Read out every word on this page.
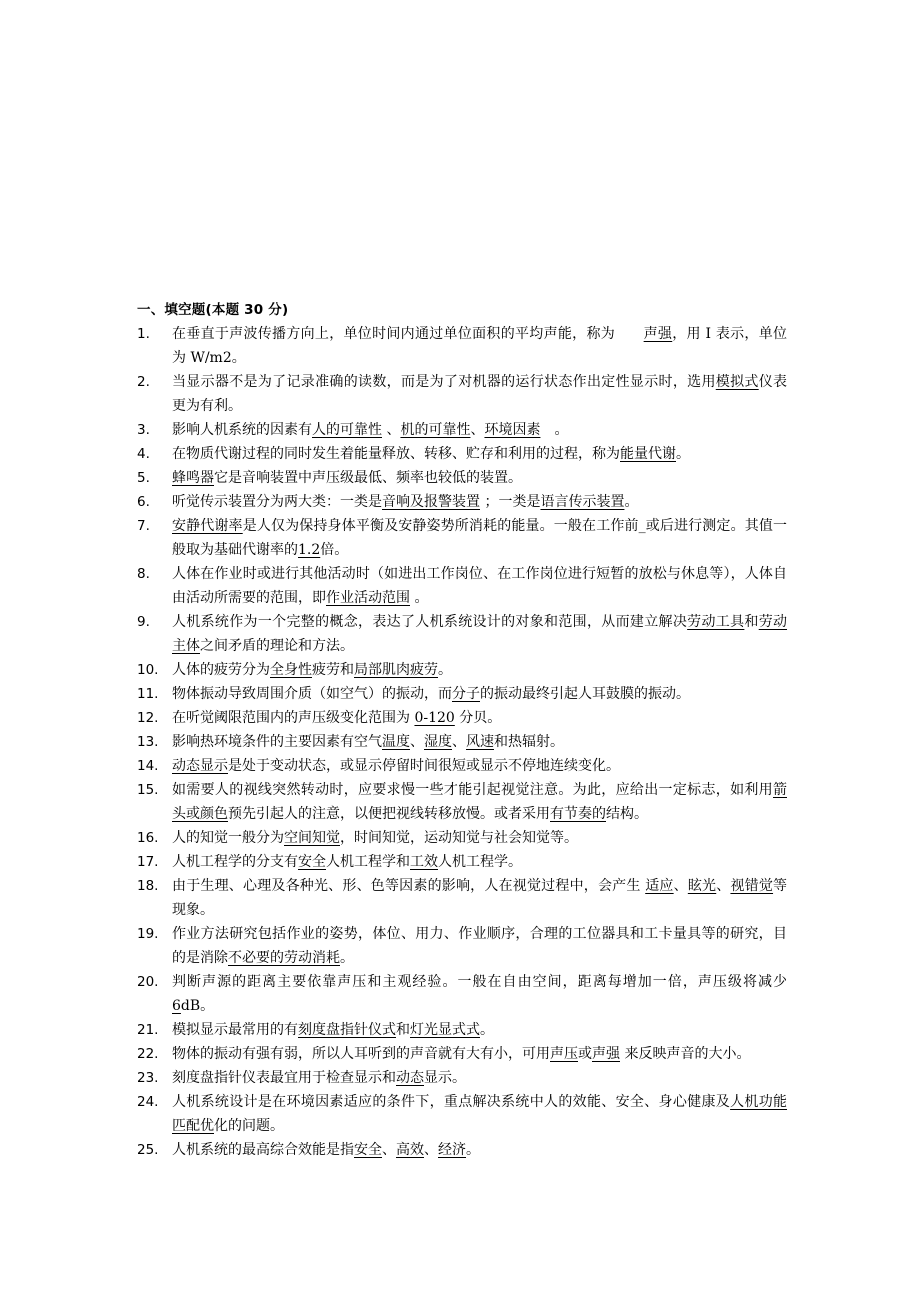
一、填空题(本题 30 分)
1. 在垂直于声波传播方向上，单位时间内通过单位面积的平均声能，称为　　声强，用 I 表示，单位为 W/m2。
2. 当显示器不是为了记录准确的读数，而是为了对机器的运行状态作出定性显示时，选用模拟式仪表更为有利。
3. 影响人机系统的因素有人的可靠性 、机的可靠性、环境因素　。
4. 在物质代谢过程的同时发生着能量释放、转移、贮存和利用的过程，称为能量代谢。
5. 蜂鸣器它是音响装置中声压级最低、频率也较低的装置。
6. 听觉传示装置分为两大类：一类是音响及报警装置 ；一类是语言传示装置。
7. 安静代谢率是人仅为保持身体平衡及安静姿势所消耗的能量。一般在工作前_或后进行测定。其值一般取为基础代谢率的1.2倍。
8. 人体在作业时或进行其他活动时（如进出工作岗位、在工作岗位进行短暂的放松与休息等），人体自由活动所需要的范围，即作业活动范围 。
9. 人机系统作为一个完整的概念，表达了人机系统设计的对象和范围，从而建立解决劳动工具和劳动主体之间矛盾的理论和方法。
10. 人体的疲劳分为全身性疲劳和局部肌肉疲劳。
11. 物体振动导致周围介质（如空气）的振动，而分子的振动最终引起人耳鼓膜的振动。
12. 在听觉阈限范围内的声压级变化范围为 0-120 分贝。
13. 影响热环境条件的主要因素有空气温度、湿度、风速和热辐射。
14. 动态显示是处于变动状态，或显示停留时间很短或显示不停地连续变化。
15. 如需要人的视线突然转动时，应要求慢一些才能引起视觉注意。为此，应给出一定标志，如利用箭头或颜色预先引起人的注意，以便把视线转移放慢。或者采用有节奏的结构。
16. 人的知觉一般分为空间知觉，时间知觉，运动知觉与社会知觉等。
17. 人机工程学的分支有安全人机工程学和工效人机工程学。
18. 由于生理、心理及各种光、形、色等因素的影响，人在视觉过程中，会产生 适应、眩光、视错觉等现象。
19. 作业方法研究包括作业的姿势，体位、用力、作业顺序，合理的工位器具和工卡量具等的研究，目的是消除不必要的劳动消耗。
20. 判断声源的距离主要依靠声压和主观经验。一般在自由空间，距离每增加一倍，声压级将减少 6dB。
21. 模拟显示最常用的有刻度盘指针仪式和灯光显式式。
22. 物体的振动有强有弱，所以人耳听到的声音就有大有小，可用声压或声强 来反映声音的大小。
23. 刻度盘指针仪表最宜用于检查显示和动态显示。
24. 人机系统设计是在环境因素适应的条件下，重点解决系统中人的效能、安全、身心健康及人机功能匹配优化的问题。
25. 人机系统的最高综合效能是指安全、高效、经济。
